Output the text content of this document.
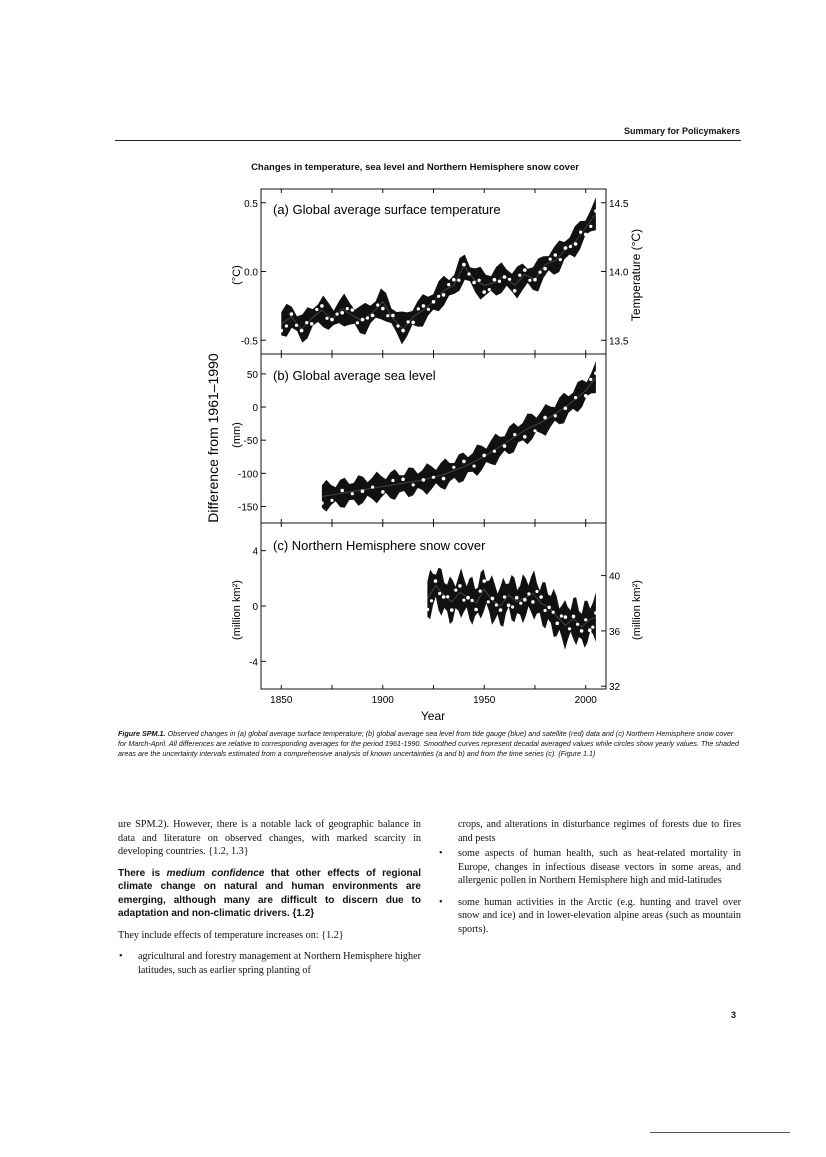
Summary for Policymakers
Changes in temperature, sea level and Northern Hemisphere snow cover
(a) Global average surface temperature
(b) Global average sea level
(c) Northern Hemisphere snow cover
(°C)
(mm)
(million km²)
Temperature (°C)
(million km²)
Difference from 1961–1990
Year
-0.5
0.0
0.5
13.5
14.0
14.5
-150
-100
-50
0
50
-4
0
4
40
36
32
1850	1900	1950	2000
Figure SPM.1. Observed changes in (a) global average surface temperature; (b) global average sea level from tide gauge (blue) and satellite (red) data and (c) Northern Hemisphere snow cover for March-April. All differences are relative to corresponding averages for the period 1961-1990. Smoothed curves represent decadal averaged values while circles show yearly values. The shaded areas are the uncertainty intervals estimated from a comprehensive analysis of known uncertainties (a and b) and from the time series (c). {Figure 1.1}

ure SPM.2). However, there is a notable lack of geographic balance in data and literature on observed changes, with marked scarcity in developing countries. {1.2, 1.3}

There is medium confidence that other effects of regional climate change on natural and human environments are emerging, although many are difficult to discern due to adaptation and non-climatic drivers. {1.2}

They include effects of temperature increases on: {1.2}

• agricultural and forestry management at Northern Hemisphere higher latitudes, such as earlier spring planting of

crops, and alterations in disturbance regimes of forests due to fires and pests

• some aspects of human health, such as heat-related mortality in Europe, changes in infectious disease vectors in some areas, and allergenic pollen in Northern Hemisphere high and mid-latitudes

• some human activities in the Arctic (e.g. hunting and travel over snow and ice) and in lower-elevation alpine areas (such as mountain sports).

3
